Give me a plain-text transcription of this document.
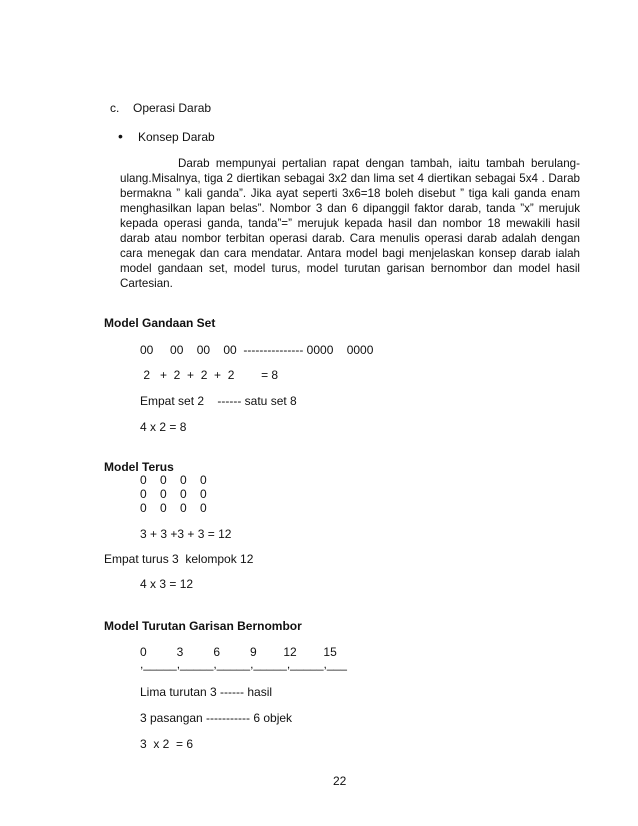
c. Operasi Darab
• Konsep Darab
Darab mempunyai pertalian rapat dengan tambah, iaitu tambah berulang-ulang.Misalnya, tiga 2 diertikan sebagai 3x2 dan lima set 4 diertikan sebagai 5x4 . Darab bermakna ” kali ganda”. Jika ayat seperti 3x6=18 boleh disebut ” tiga kali ganda enam menghasilkan lapan belas”. Nombor 3 dan 6 dipanggil faktor darab, tanda ”x” merujuk kepada operasi ganda, tanda”=” merujuk kepada hasil dan nombor 18 mewakili hasil darab atau nombor terbitan operasi darab. Cara menulis operasi darab adalah dengan cara menegak dan cara mendatar. Antara model bagi menjelaskan konsep darab ialah model gandaan set, model turus, model turutan garisan bernombor dan model hasil Cartesian.
Model Gandaan Set
00     00    00    00  --------------- 0000    0000
2   +  2  +  2  +  2        = 8
Empat set 2    ------ satu set 8
4 x 2 = 8
Model Terus
0    0    0    0
0    0    0    0
0    0    0    0
3 + 3 +3 + 3 = 12
Empat turus 3  kelompok 12
4 x 3 = 12
Model Turutan Garisan Bernombor
0         3         6         9        12        15
,_____,_____,_____,_____,_____,___
Lima turutan 3 ------ hasil
3 pasangan ----------- 6 objek
3  x 2  = 6
22
